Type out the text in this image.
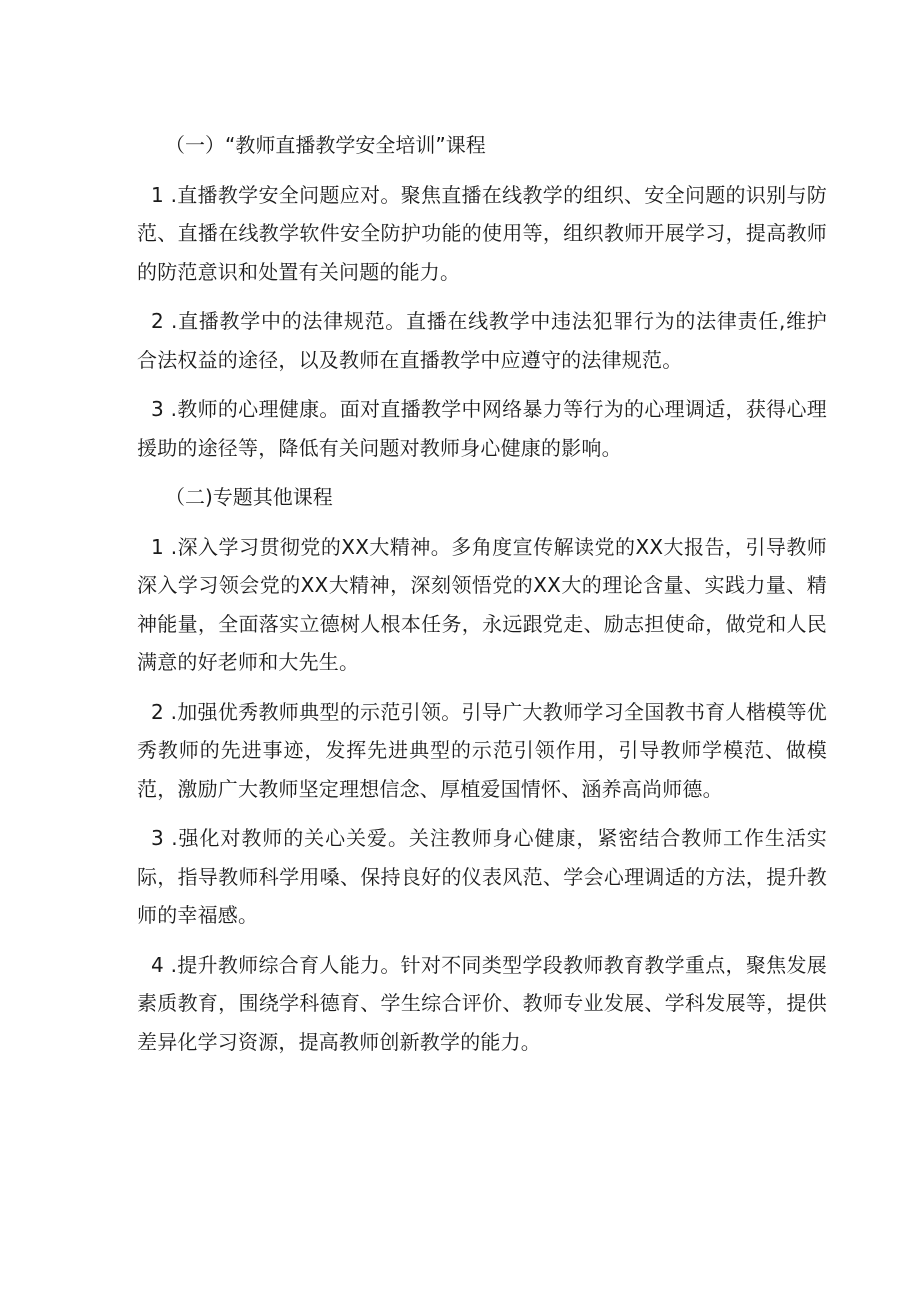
（一）“教师直播教学安全培训”课程

1 .直播教学安全问题应对。聚焦直播在线教学的组织、安全问题的识别与防范、直播在线教学软件安全防护功能的使用等，组织教师开展学习，提高教师的防范意识和处置有关问题的能力。

2 .直播教学中的法律规范。直播在线教学中违法犯罪行为的法律责任,维护合法权益的途径，以及教师在直播教学中应遵守的法律规范。

3 .教师的心理健康。面对直播教学中网络暴力等行为的心理调适，获得心理援助的途径等，降低有关问题对教师身心健康的影响。

（二)专题其他课程

1 .深入学习贯彻党的XX大精神。多角度宣传解读党的XX大报告，引导教师深入学习领会党的XX大精神，深刻领悟党的XX大的理论含量、实践力量、精神能量，全面落实立德树人根本任务，永远跟党走、励志担使命，做党和人民满意的好老师和大先生。

2 .加强优秀教师典型的示范引领。引导广大教师学习全国教书育人楷模等优秀教师的先进事迹，发挥先进典型的示范引领作用，引导教师学模范、做模范，激励广大教师坚定理想信念、厚植爱国情怀、涵养高尚师德。

3 .强化对教师的关心关爱。关注教师身心健康，紧密结合教师工作生活实际，指导教师科学用嗓、保持良好的仪表风范、学会心理调适的方法，提升教师的幸福感。

4 .提升教师综合育人能力。针对不同类型学段教师教育教学重点，聚焦发展素质教育，围绕学科德育、学生综合评价、教师专业发展、学科发展等，提供差异化学习资源，提高教师创新教学的能力。
